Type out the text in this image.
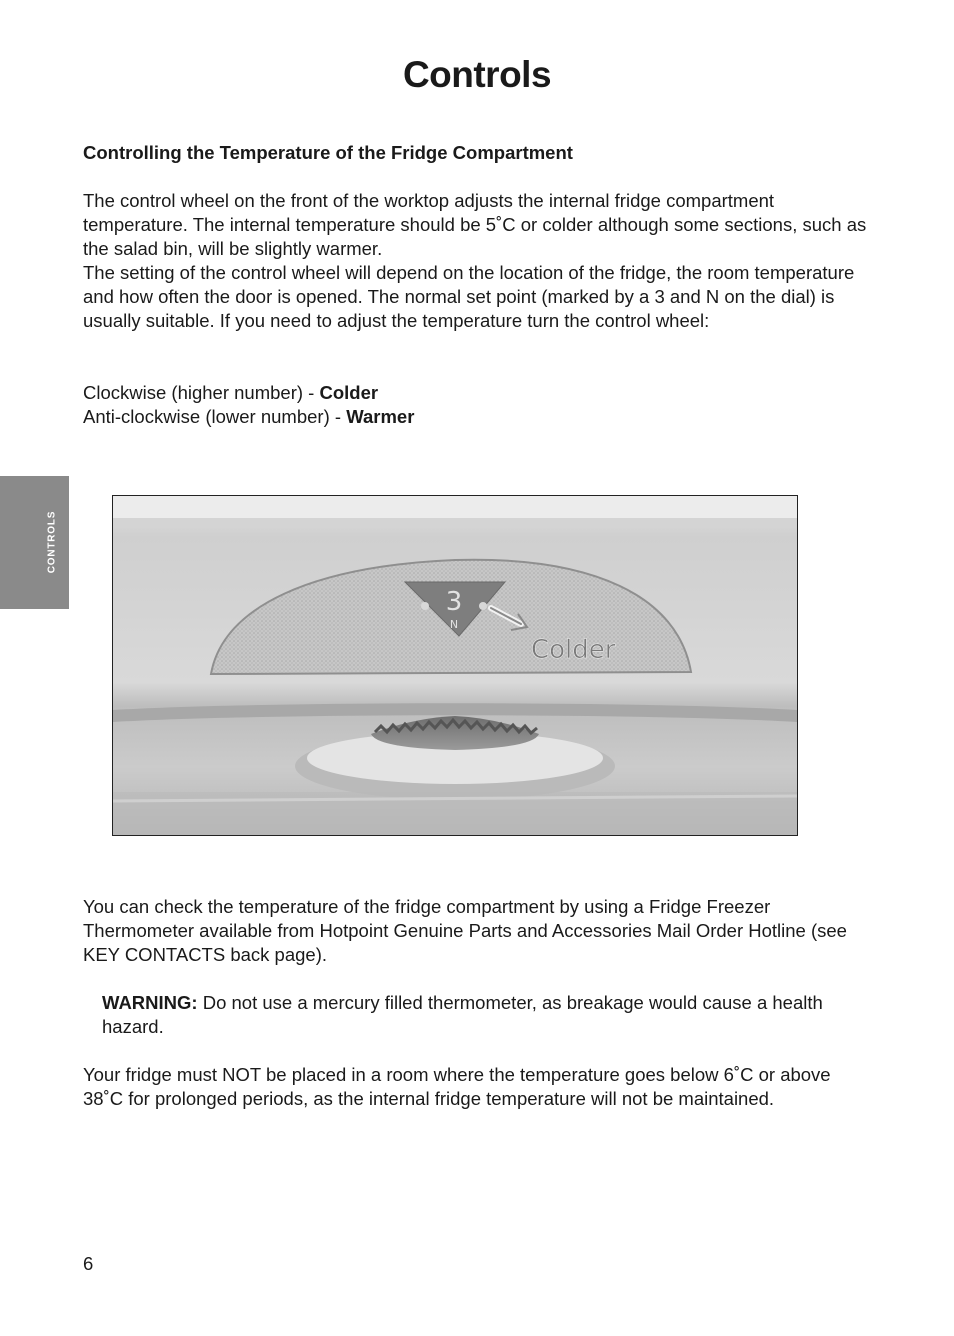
Controls
CONTROLS
Controlling the Temperature of the Fridge Compartment

The control wheel on the front of the worktop adjusts the internal fridge compartment temperature. The internal temperature should be 5˚C or colder although some sections, such as the salad bin, will be slightly warmer.

The setting of the control wheel will depend on the location of the fridge, the room temperature and how often the door is opened. The normal set point (marked by a 3 and N on the dial) is usually suitable. If you need to adjust the temperature turn the control wheel:

Clockwise (higher number) - Colder

Anti-clockwise (lower number) - Warmer

3
N
Colder
You can check the temperature of the fridge compartment by using a Fridge Freezer Thermometer available from Hotpoint Genuine Parts and Accessories Mail Order Hotline (see KEY CONTACTS back page).
WARNING: Do not use a mercury filled thermometer, as breakage would cause a health hazard.
Your fridge must NOT be placed in a room where the temperature goes below 6˚C or above 38˚C for prolonged periods, as the internal fridge temperature will not be maintained.
6
